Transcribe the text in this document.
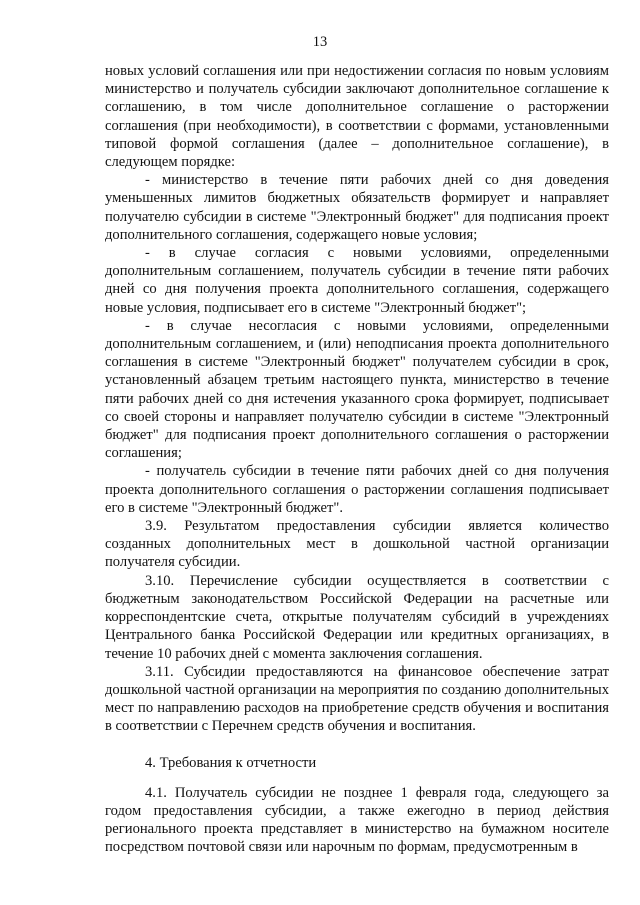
13

новых условий соглашения или при недостижении согласия по новым условиям министерство и получатель субсидии заключают дополнительное соглашение к соглашению, в том числе дополнительное соглашение о расторжении соглашения (при необходимости), в соответствии с формами, установленными типовой формой соглашения (далее – дополнительное соглашение), в следующем порядке:

- министерство в течение пяти рабочих дней со дня доведения уменьшенных лимитов бюджетных обязательств формирует и направляет получателю субсидии в системе "Электронный бюджет" для подписания проект дополнительного соглашения, содержащего новые условия;

- в случае согласия с новыми условиями, определенными дополнительным соглашением, получатель субсидии в течение пяти рабочих дней со дня получения проекта дополнительного соглашения, содержащего новые условия, подписывает его в системе "Электронный бюджет";

- в случае несогласия с новыми условиями, определенными дополнительным соглашением, и (или) неподписания проекта дополнительного соглашения в системе "Электронный бюджет" получателем субсидии в срок, установленный абзацем третьим настоящего пункта, министерство в течение пяти рабочих дней со дня истечения указанного срока формирует, подписывает со своей стороны и направляет получателю субсидии в системе "Электронный бюджет" для подписания проект дополнительного соглашения о расторжении соглашения;

- получатель субсидии в течение пяти рабочих дней со дня получения проекта дополнительного соглашения о расторжении соглашения подписывает его в системе "Электронный бюджет".

3.9. Результатом предоставления субсидии является количество созданных дополнительных мест в дошкольной частной организации получателя субсидии.

3.10. Перечисление субсидии осуществляется в соответствии с бюджетным законодательством Российской Федерации на расчетные или корреспондентские счета, открытые получателям субсидий в учреждениях Центрального банка Российской Федерации или кредитных организациях, в течение 10 рабочих дней с момента заключения соглашения.

3.11. Субсидии предоставляются на финансовое обеспечение затрат дошкольной частной организации на мероприятия по созданию дополнительных мест по направлению расходов на приобретение средств обучения и воспитания в соответствии с Перечнем средств обучения и воспитания.

4. Требования к отчетности

4.1. Получатель субсидии не позднее 1 февраля года, следующего за годом предоставления субсидии, а также ежегодно в период действия регионального проекта представляет в министерство на бумажном носителе посредством почтовой связи или нарочным по формам, предусмотренным в
